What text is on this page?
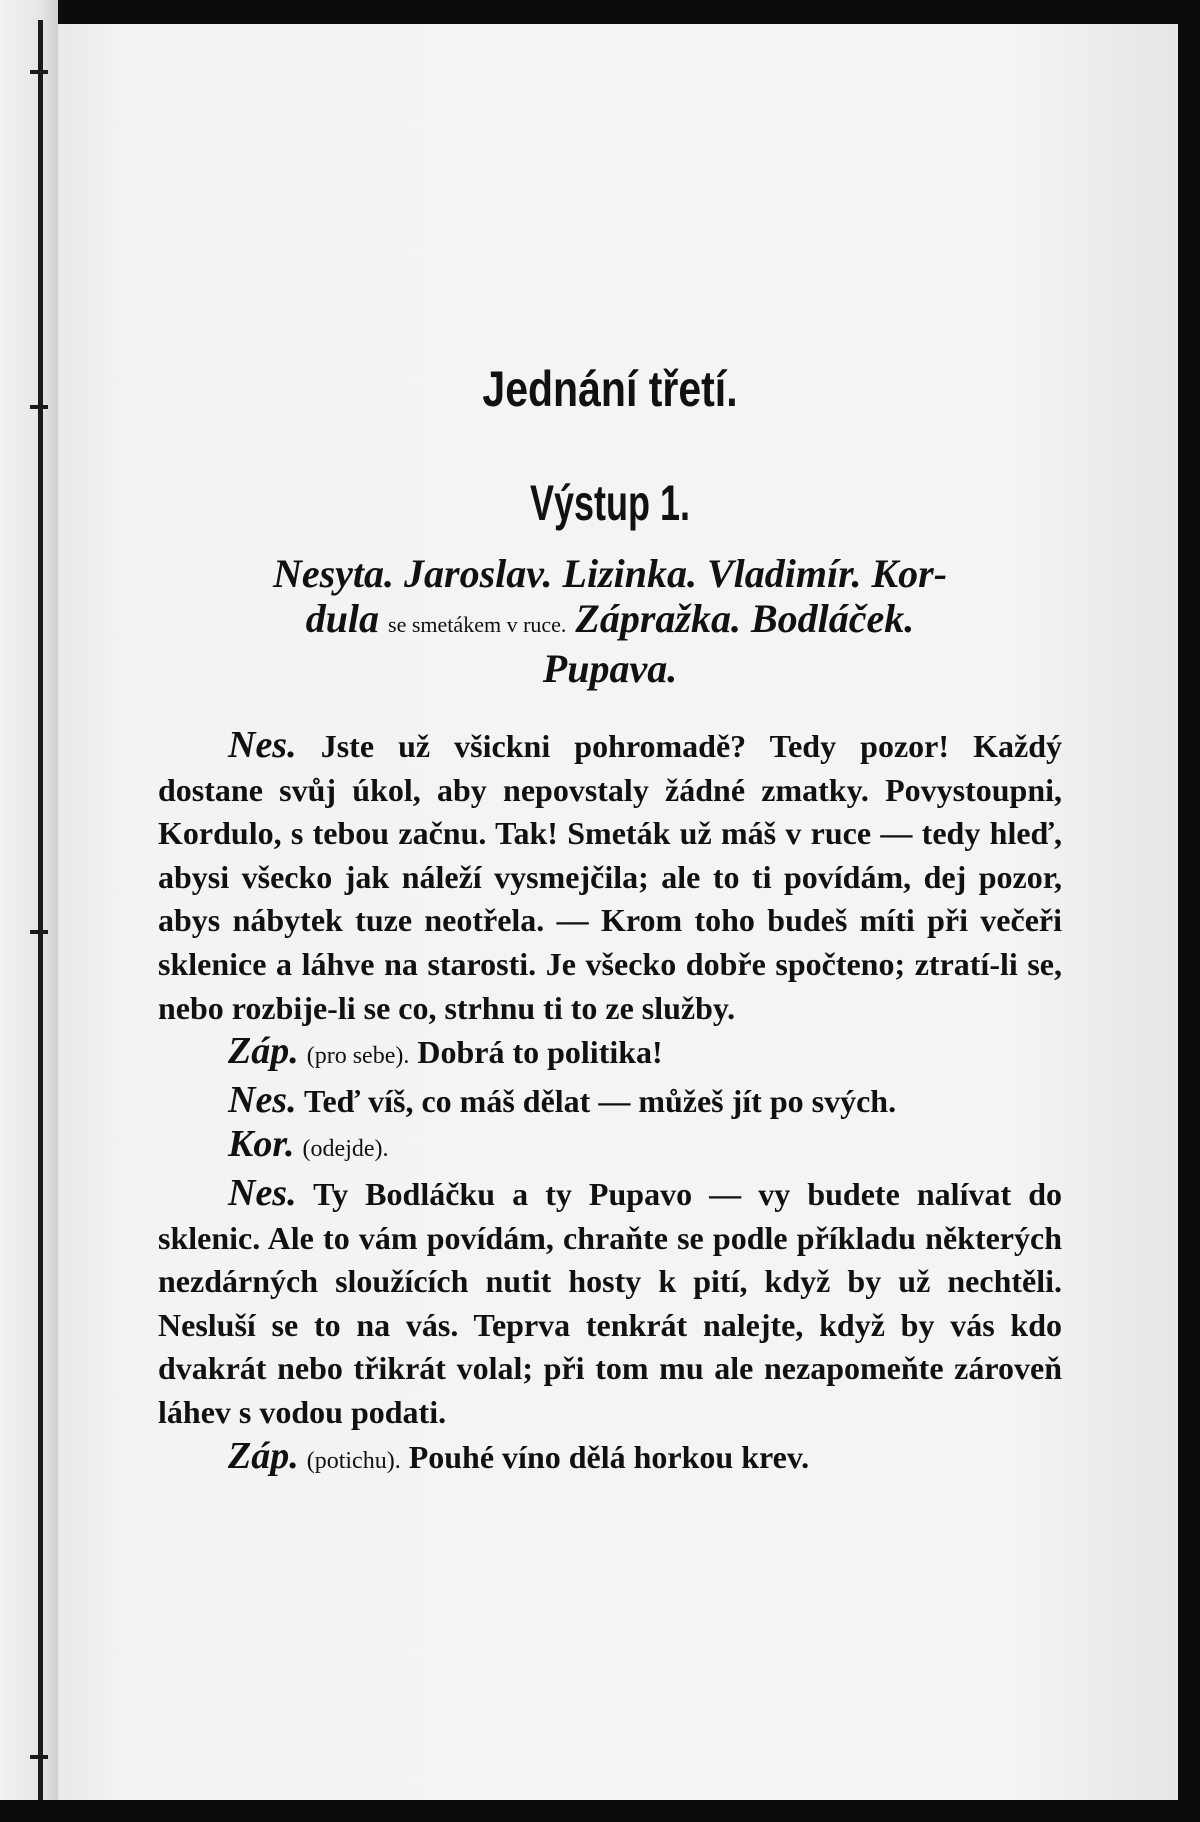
Jednání třetí.
Výstup 1.
Nesyta. Jaroslav. Lizinka. Vladimír. Kor-
dula se smetákem v ruce. Zápražka. Bodláček.
Pupava.

Nes. Jste už všickni pohromadě? Tedy pozor! Každý dostane svůj úkol, aby nepovstaly žádné zmatky. Povystoupni, Kordulo, s tebou začnu. Tak! Smeták už máš v ruce — tedy hleď, abysi všecko jak náleží vysmejčila; ale to ti povídám, dej pozor, abys nábytek tuze neotřela. — Krom toho budeš míti při večeři sklenice a láhve na starosti. Je všecko dobře spočteno; ztratí-li se, nebo rozbije-li se co, strhnu ti to ze služby.

Záp. (pro sebe). Dobrá to politika!

Nes. Teď víš, co máš dělat — můžeš jít po svých.

Kor. (odejde).

Nes. Ty Bodláčku a ty Pupavo — vy budete nalívat do sklenic. Ale to vám povídám, chraňte se podle příkladu některých nezdárných sloužících nutit hosty k pití, když by už nechtěli. Nesluší se to na vás. Teprva tenkrát nalejte, když by vás kdo dvakrát nebo třikrát volal; při tom mu ale nezapomeňte zároveň láhev s vodou podati.

Záp. (potichu). Pouhé víno dělá horkou krev.
